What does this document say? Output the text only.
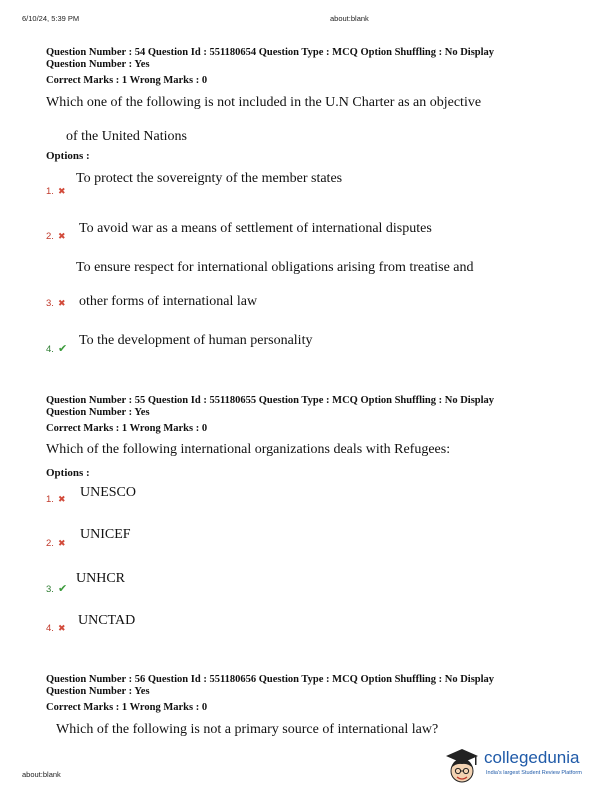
6/10/24, 5:39 PM	about:blank
Question Number : 54 Question Id : 551180654 Question Type : MCQ Option Shuffling : No Display
Question Number : Yes
Correct Marks : 1 Wrong Marks : 0
Which one of the following is not included in the U.N Charter as an objective
of the United Nations
Options :
To protect the sovereignty of the member states
1. ✖
To avoid war as a means of settlement of international disputes
2. ✖
To ensure respect for international obligations arising from treatise and
other forms of international law
3. ✖
To the development of human personality
4. ✔
Question Number : 55 Question Id : 551180655 Question Type : MCQ Option Shuffling : No Display
Question Number : Yes
Correct Marks : 1 Wrong Marks : 0
Which of the following international organizations deals with Refugees:
Options :
UNESCO
1. ✖
UNICEF
2. ✖
UNHCR
3. ✔
UNCTAD
4. ✖
Question Number : 56 Question Id : 551180656 Question Type : MCQ Option Shuffling : No Display
Question Number : Yes
Correct Marks : 1 Wrong Marks : 0
Which of the following is not a primary source of international law?
about:blank
collegedunia
India's largest Student Review Platform
